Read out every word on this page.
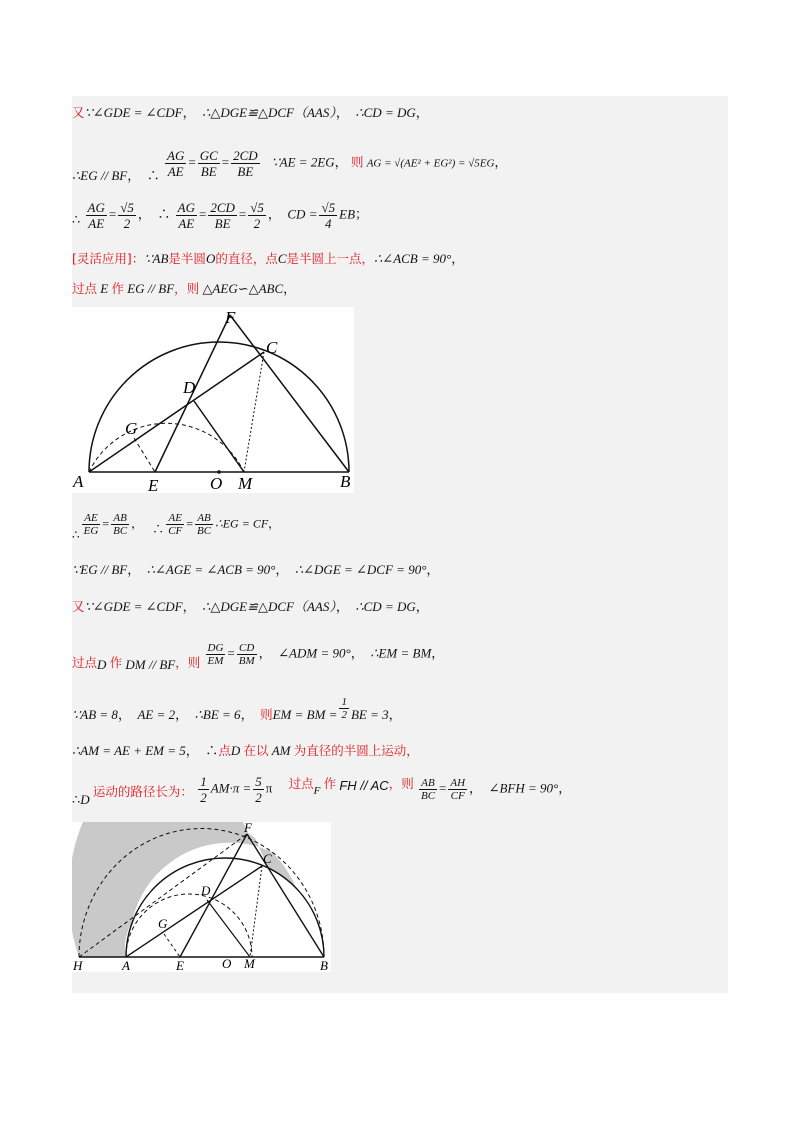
又∵∠GDE = ∠CDF， ∴△DGE≌△DCF（AAS）， ∴CD = DG，
∴EG // BF， ∴ $\frac{AG}{AE} = \frac{GC}{BE} = \frac{2CD}{BE}$ ∵AE = 2EG， 则 AG = √(AE² + EG²) = √5EG，
∴ $\frac{AG}{AE} = \frac{√5}{2}$ ， ∴ $\frac{AG}{AE} = \frac{2CD}{BE} = \frac{√5}{2}$ ， CD = $\frac{√5}{4}$ EB；
[灵活应用]：∵AB是半圆O的直径，点C是半圆上一点，∴∠ACB = 90°，
过点 E 作 EG // BF，则 △AEG∽△ABC，
F
C
D
G
A	E	O M	B
∴ $\frac{AE}{EG} = \frac{AB}{BC}$ ， ∴ $\frac{AE}{CF} = \frac{AB}{BC}$ ∴EG = CF，
∵EG // BF， ∴∠AGE = ∠ACB = 90°， ∴∠DGE = ∠DCF = 90°，
又∵∠GDE = ∠CDF， ∴△DGE≌△DCF（AAS）， ∴CD = DG，
过点D 作 DM // BF，则 $\frac{DG}{EM} = \frac{CD}{BM}$ ， ∠ADM = 90°， ∴EM = BM，
∵AB = 8， AE = 2， ∴BE = 6， 则EM = BM = $\frac{1}{2}$ BE = 3，
∴AM = AE + EM = 5， ∴点D 在以 AM 为直径的半圆上运动，
∴D 运动的路径长为： $\frac{1}{2} AM\cdot\pi = \frac{5}{2}$ π 过点F 作 FH // AC，则 $\frac{AB}{BC} = \frac{AH}{CF}$ ， ∠BFH = 90°，
F
C
D
G
H	A	E	O M	B
